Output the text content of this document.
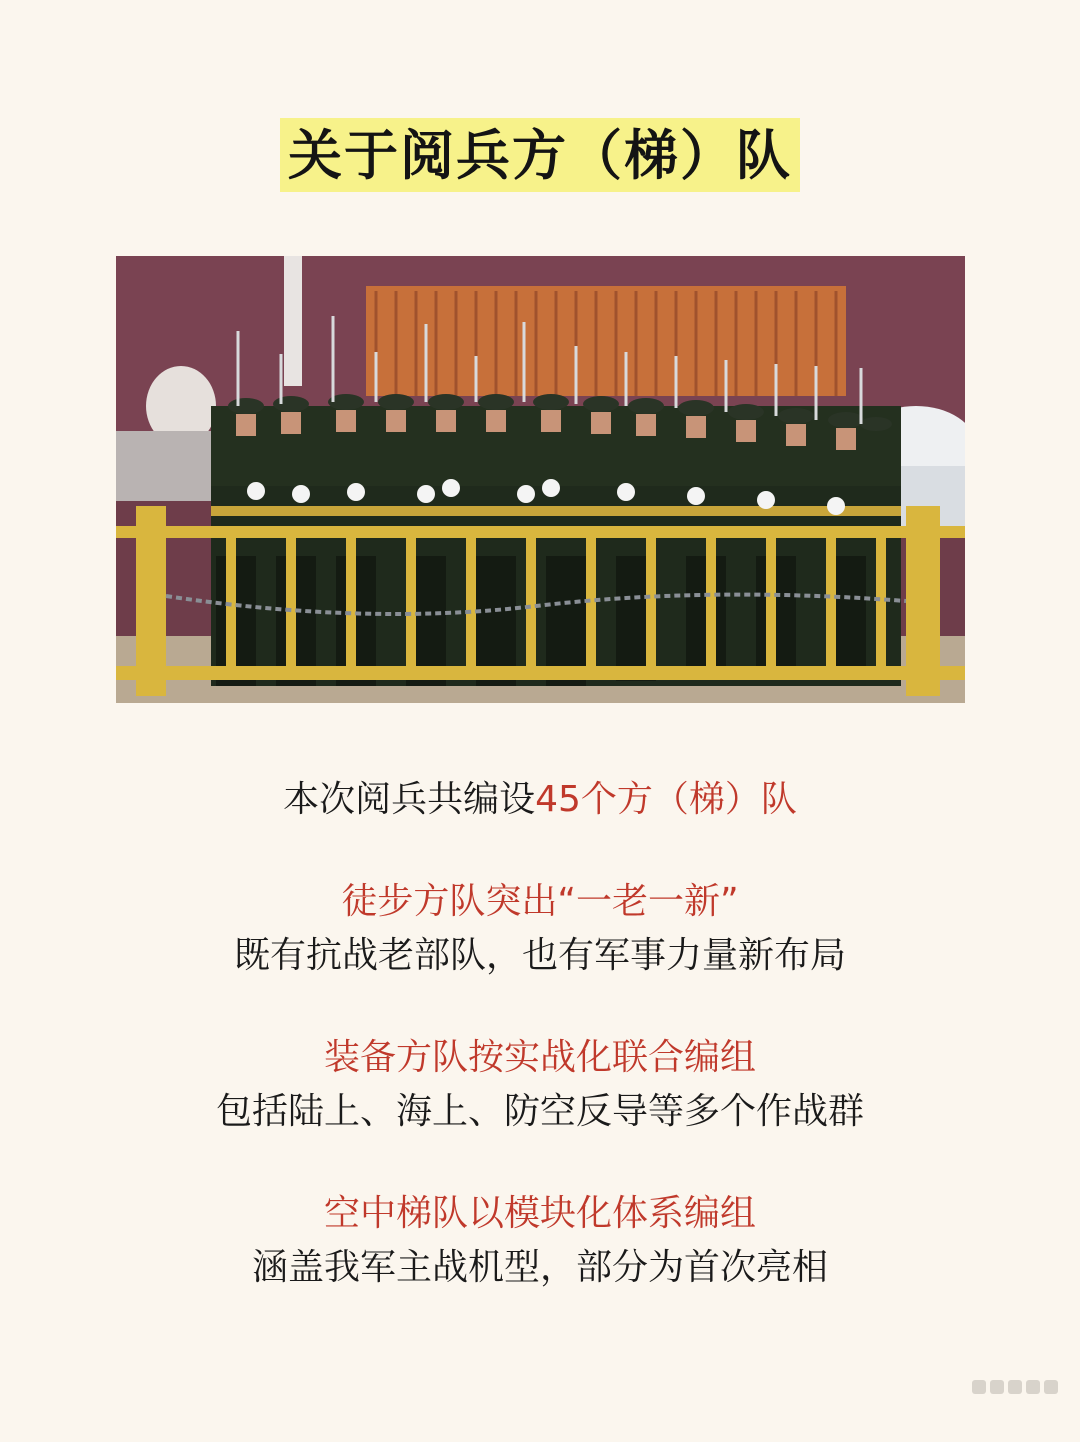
关于阅兵方（梯）队
本次阅兵共编设45个方（梯）队
徒步方队突出“一老一新”
既有抗战老部队，也有军事力量新布局
装备方队按实战化联合编组
包括陆上、海上、防空反导等多个作战群
空中梯队以模块化体系编组
涵盖我军主战机型，部分为首次亮相
